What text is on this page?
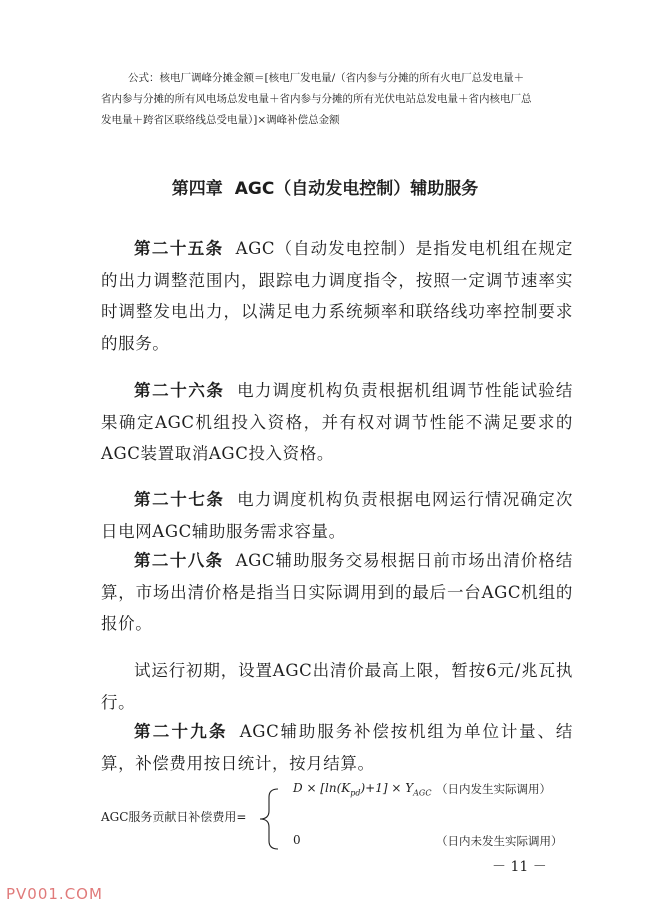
公式：核电厂调峰分摊金额＝[核电厂发电量/（省内参与分摊的所有火电厂总发电量＋
省内参与分摊的所有风电场总发电量＋省内参与分摊的所有光伏电站总发电量＋省内核电厂总
发电量＋跨省区联络线总受电量）]×调峰补偿总金额
第四章 AGC（自动发电控制）辅助服务

第二十五条 AGC（自动发电控制）是指发电机组在规定的出力调整范围内，跟踪电力调度指令，按照一定调节速率实时调整发电出力，以满足电力系统频率和联络线功率控制要求的服务。

第二十六条 电力调度机构负责根据机组调节性能试验结果确定AGC机组投入资格，并有权对调节性能不满足要求的AGC装置取消AGC投入资格。

第二十七条 电力调度机构负责根据电网运行情况确定次日电网AGC辅助服务需求容量。

第二十八条 AGC辅助服务交易根据日前市场出清价格结算，市场出清价格是指当日实际调用到的最后一台AGC机组的报价。

试运行初期，设置AGC出清价最高上限，暂按6元/兆瓦执行。

第二十九条 AGC辅助服务补偿按机组为单位计量、结算，补偿费用按日统计，按月结算。

AGC服务贡献日补偿费用=

$D \times [\ln(K_{pd})+1] \times Y_{AGC}$ （日内发生实际调用）

0	（日内未发生实际调用）

－ 11 －

PV001.COM
